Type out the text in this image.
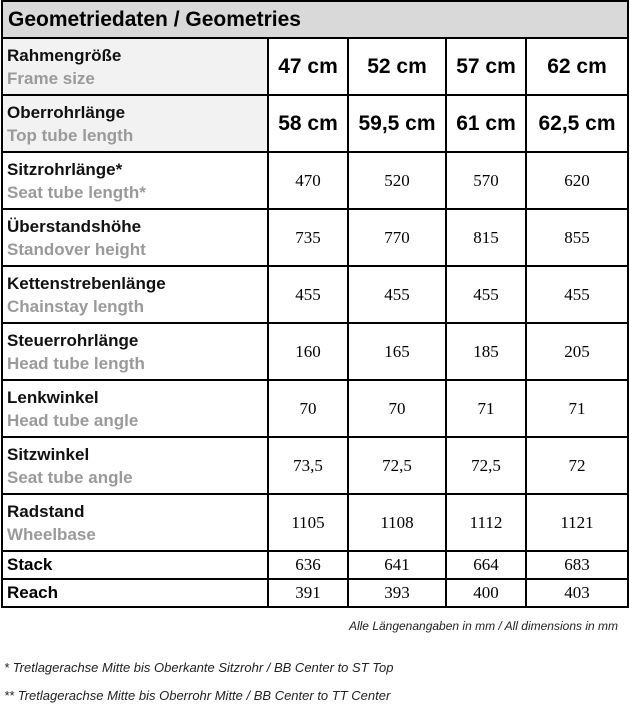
Geometriedaten / Geometries				

Rahmengröße
Frame size	47 cm	52 cm	57 cm	62 cm

Oberrohrlänge
Top tube length	58 cm	59,5 cm	61 cm	62,5 cm

Sitzrohrlänge*
Seat tube length*	470	520	570	620

Überstandshöhe
Standover height	735	770	815	855

Kettenstrebenlänge
Chainstay length	455	455	455	455

Steuerrohrlänge
Head tube length	160	165	185	205

Lenkwinkel
Head tube angle	70	70	71	71

Sitzwinkel
Seat tube angle	73,5	72,5	72,5	72

Radstand
Wheelbase	1105	1108	1112	1121
Stack	636	641	664	683
Reach	391	393	400	403
Alle Längenangaben in mm / All dimensions in mm
* Tretlagerachse Mitte bis Oberkante Sitzrohr / BB Center to ST Top
** Tretlagerachse Mitte bis Oberrohr Mitte / BB Center to TT Center
